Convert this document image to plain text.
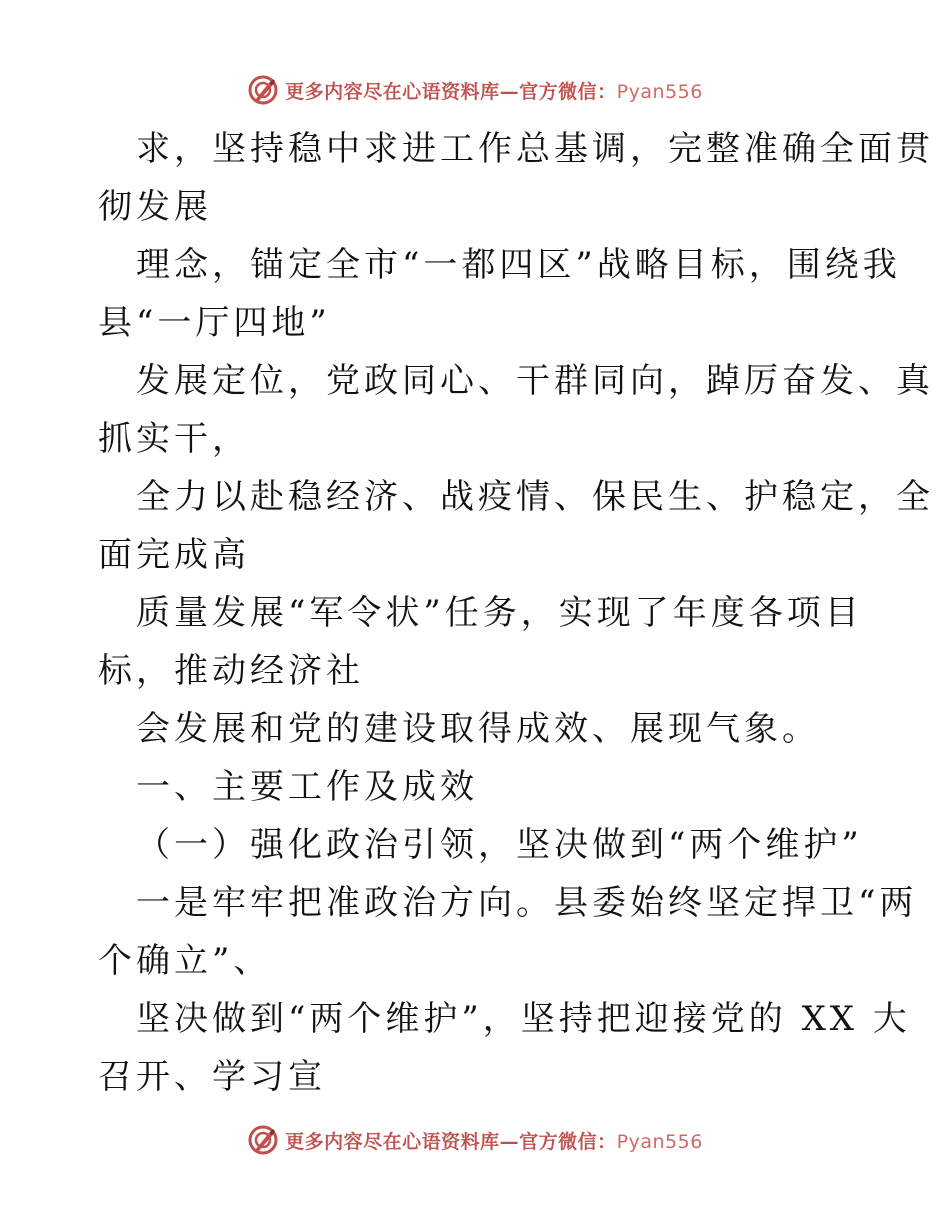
更多内容尽在心语资料库—官方微信：Pyan556
求，坚持稳中求进工作总基调，完整准确全面贯
彻发展
理念，锚定全市“一都四区”战略目标，围绕我
县“一厅四地”
发展定位，党政同心、干群同向，踔厉奋发、真
抓实干，
全力以赴稳经济、战疫情、保民生、护稳定，全
面完成高
质量发展“军令状”任务，实现了年度各项目
标，推动经济社
会发展和党的建设取得成效、展现气象。
一、主要工作及成效
（一）强化政治引领，坚决做到“两个维护”
一是牢牢把准政治方向。县委始终坚定捍卫“两
个确立”、
坚决做到“两个维护”，坚持把迎接党的 XX 大
召开、学习宣
更多内容尽在心语资料库—官方微信：Pyan556
